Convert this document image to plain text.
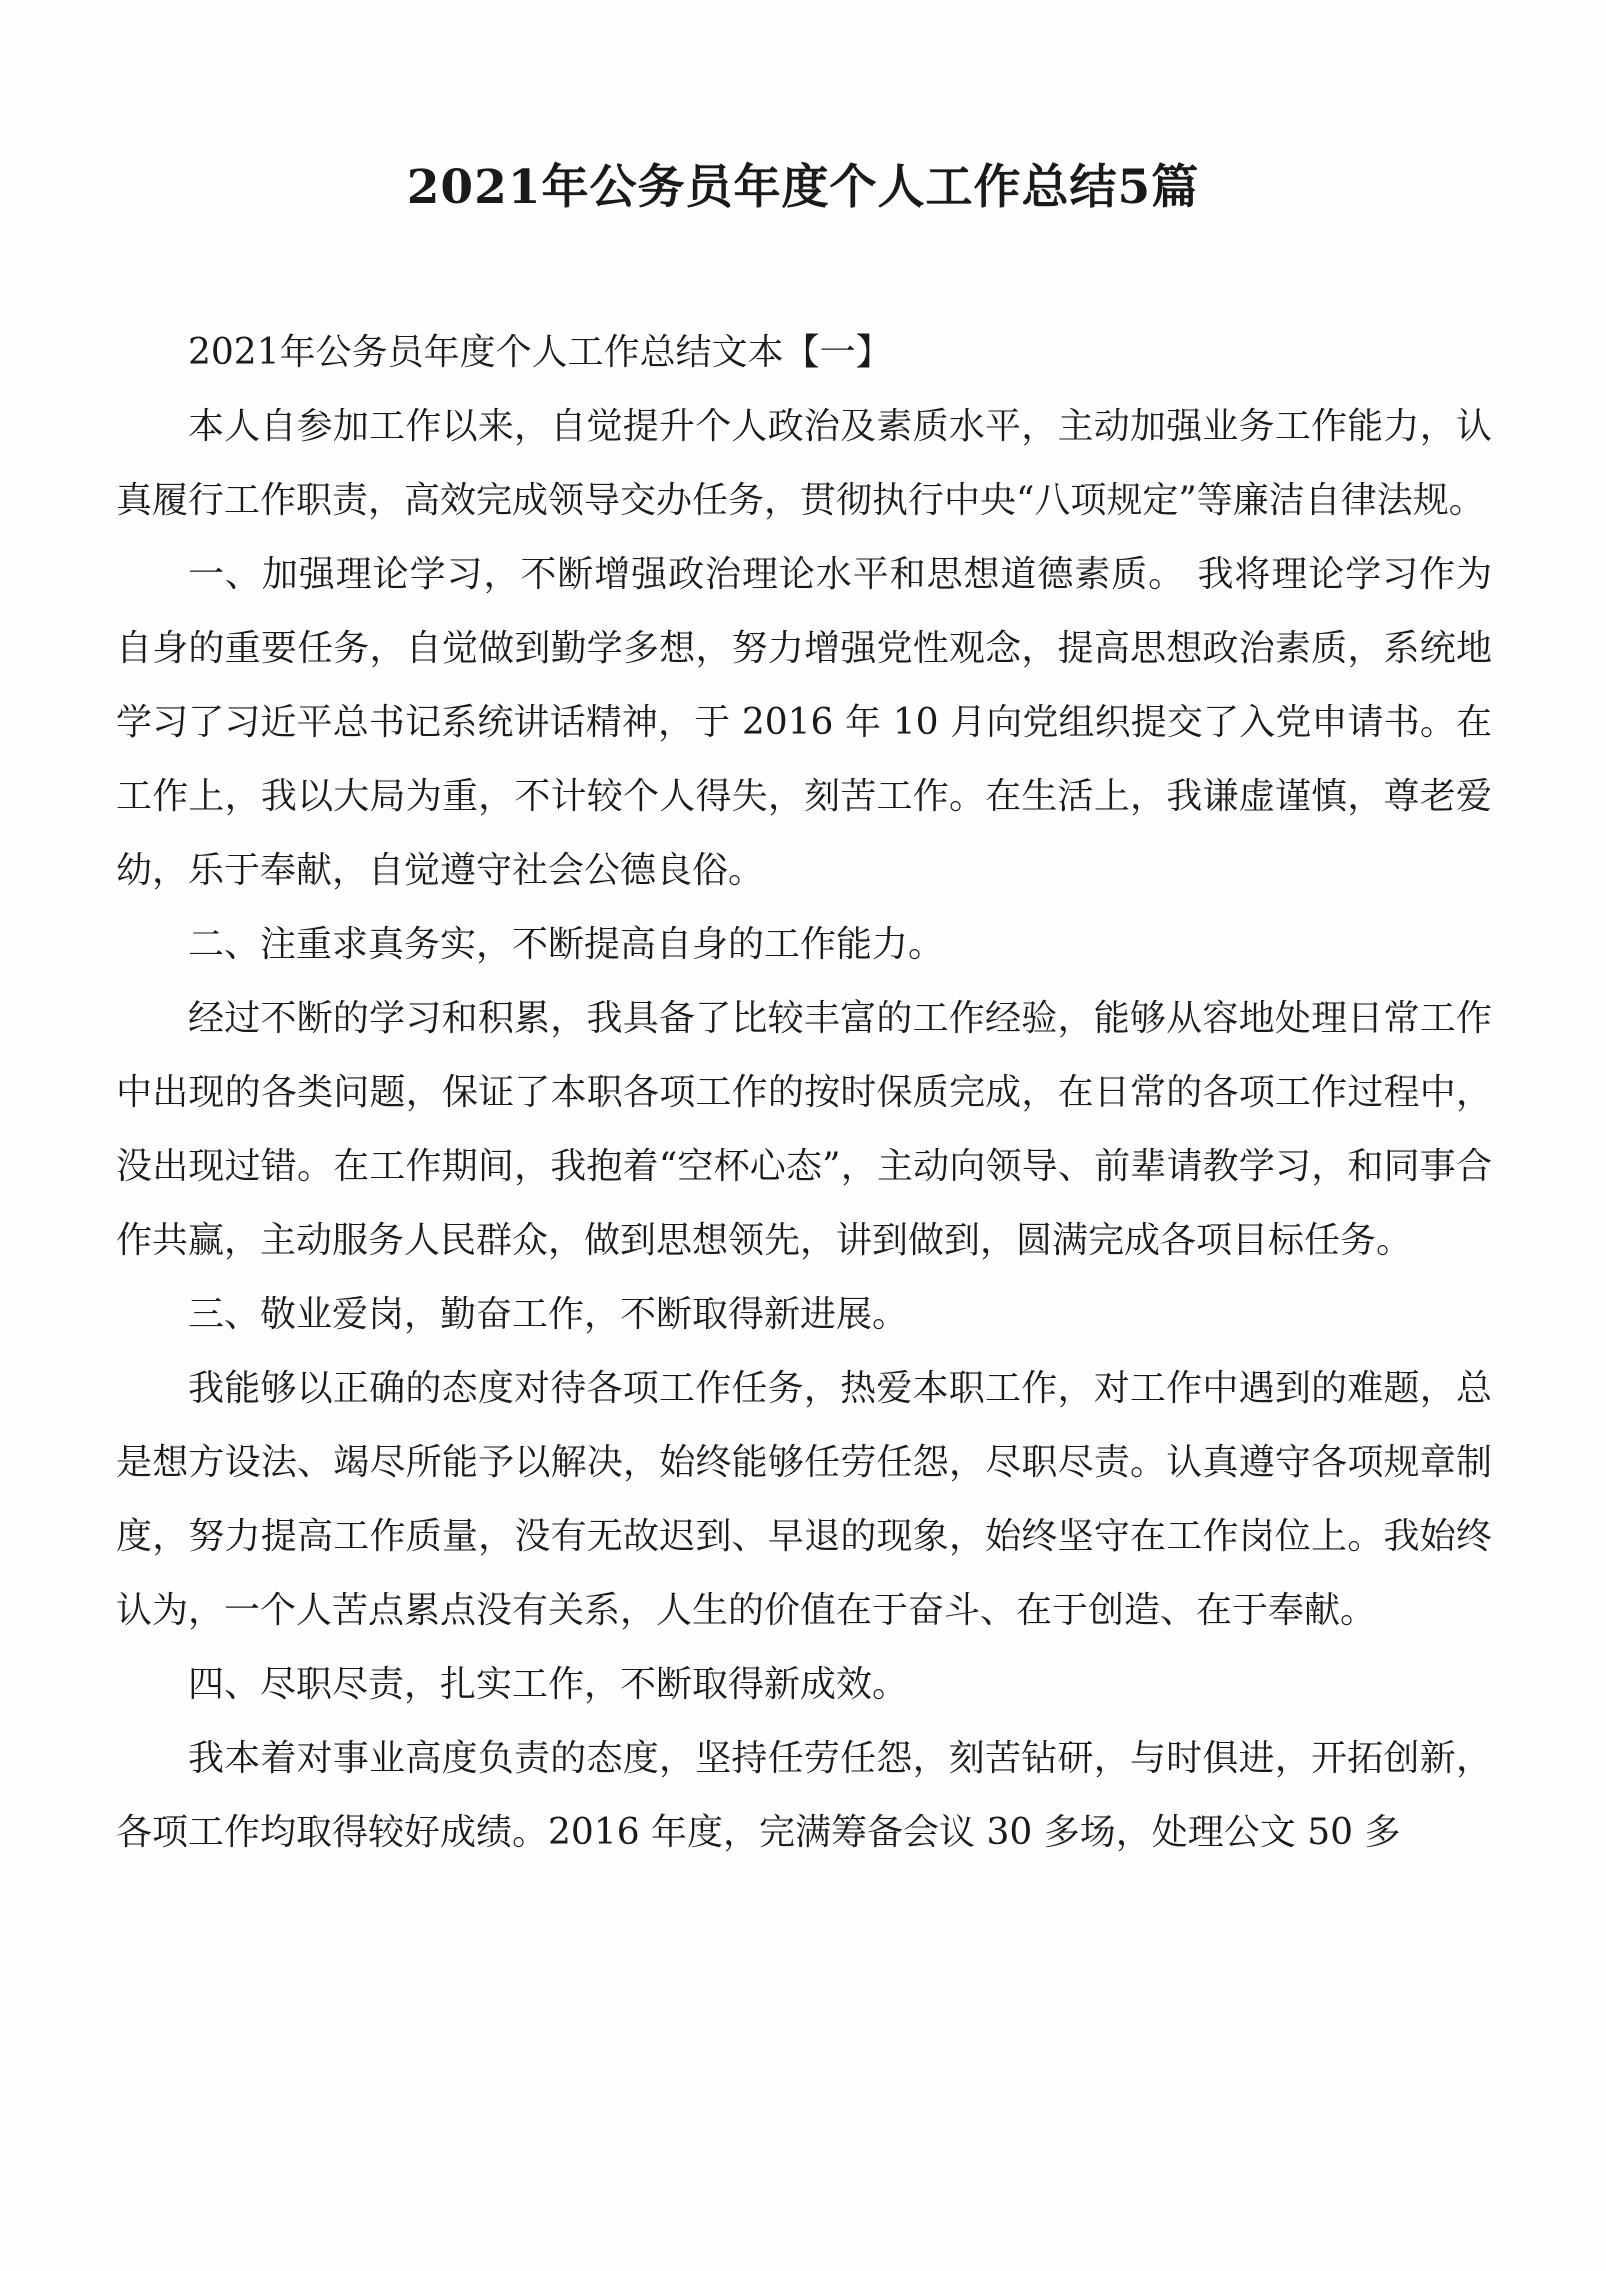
2021年公务员年度个人工作总结5篇

2021年公务员年度个人工作总结文本【一】

本人自参加工作以来，自觉提升个人政治及素质水平，主动加强业务工作能力，认真履行工作职责，高效完成领导交办任务，贯彻执行中央“八项规定”等廉洁自律法规。

一、加强理论学习，不断增强政治理论水平和思想道德素质。 我将理论学习作为自身的重要任务，自觉做到勤学多想，努力增强党性观念，提高思想政治素质，系统地学习了习近平总书记系统讲话精神，于 2016 年 10 月向党组织提交了入党申请书。在工作上，我以大局为重，不计较个人得失，刻苦工作。在生活上，我谦虚谨慎，尊老爱幼，乐于奉献，自觉遵守社会公德良俗。

二、注重求真务实，不断提高自身的工作能力。

经过不断的学习和积累，我具备了比较丰富的工作经验，能够从容地处理日常工作中出现的各类问题，保证了本职各项工作的按时保质完成，在日常的各项工作过程中，没出现过错。在工作期间，我抱着“空杯心态”，主动向领导、前辈请教学习，和同事合作共赢，主动服务人民群众，做到思想领先，讲到做到，圆满完成各项目标任务。

三、敬业爱岗，勤奋工作，不断取得新进展。

我能够以正确的态度对待各项工作任务，热爱本职工作，对工作中遇到的难题，总是想方设法、竭尽所能予以解决，始终能够任劳任怨，尽职尽责。认真遵守各项规章制度，努力提高工作质量，没有无故迟到、早退的现象，始终坚守在工作岗位上。我始终认为，一个人苦点累点没有关系，人生的价值在于奋斗、在于创造、在于奉献。

四、尽职尽责，扎实工作，不断取得新成效。

我本着对事业高度负责的态度，坚持任劳任怨，刻苦钻研，与时俱进，开拓创新，各项工作均取得较好成绩。2016 年度，完满筹备会议 30 多场，处理公文 50 多
